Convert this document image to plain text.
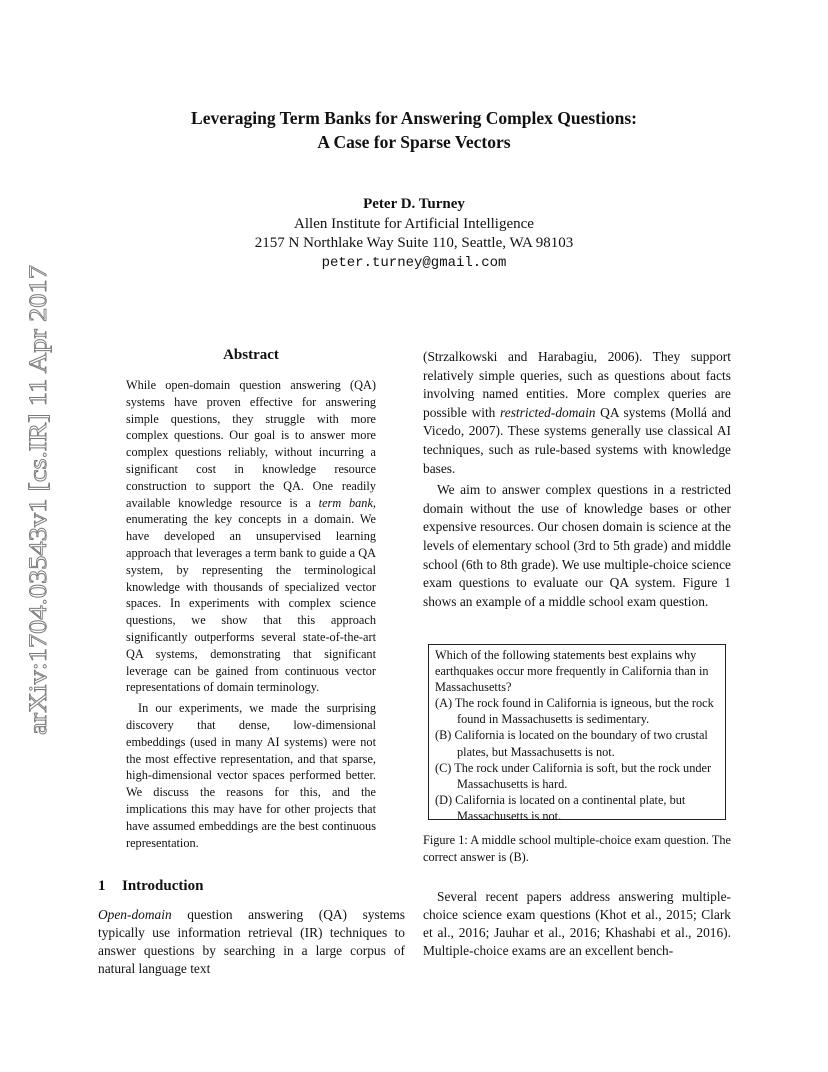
arXiv:1704.03543v1 [cs.IR] 11 Apr 2017
Leveraging Term Banks for Answering Complex Questions:
A Case for Sparse Vectors
Peter D. Turney
Allen Institute for Artificial Intelligence
2157 N Northlake Way Suite 110, Seattle, WA 98103
peter.turney@gmail.com
Abstract

While open-domain question answering (QA) systems have proven effective for answering simple questions, they struggle with more complex questions. Our goal is to answer more complex questions reliably, without incurring a significant cost in knowledge resource construction to support the QA. One readily available knowledge resource is a term bank, enumerating the key concepts in a domain. We have developed an unsupervised learning approach that leverages a term bank to guide a QA system, by representing the terminological knowledge with thousands of specialized vector spaces. In experiments with complex science questions, we show that this approach significantly outperforms several state-of-the-art QA systems, demonstrating that significant leverage can be gained from continuous vector representations of domain terminology.

In our experiments, we made the surprising discovery that dense, low-dimensional embeddings (used in many AI systems) were not the most effective representation, and that sparse, high-dimensional vector spaces performed better. We discuss the reasons for this, and the implications this may have for other projects that have assumed embeddings are the best continuous representation.

1 Introduction
Open-domain question answering (QA) systems typically use information retrieval (IR) techniques to answer questions by searching in a large corpus of natural language text

(Strzalkowski and Harabagiu, 2006). They support relatively simple queries, such as questions about facts involving named entities. More complex queries are possible with restricted-domain QA systems (Mollá and Vicedo, 2007). These systems generally use classical AI techniques, such as rule-based systems with knowledge bases.

We aim to answer complex questions in a restricted domain without the use of knowledge bases or other expensive resources. Our chosen domain is science at the levels of elementary school (3rd to 5th grade) and middle school (6th to 8th grade). We use multiple-choice science exam questions to evaluate our QA system. Figure 1 shows an example of a middle school exam question.

Which of the following statements best explains why earthquakes occur more frequently in California than in Massachusetts?

(A) The rock found in California is igneous, but the rock found in Massachusetts is sedimentary.

(B) California is located on the boundary of two crustal plates, but Massachusetts is not.

(C) The rock under California is soft, but the rock under Massachusetts is hard.

(D) California is located on a continental plate, but Massachusetts is not.

Figure 1: A middle school multiple-choice exam question. The correct answer is (B).

Several recent papers address answering multiple-choice science exam questions (Khot et al., 2015; Clark et al., 2016; Jauhar et al., 2016; Khashabi et al., 2016). Multiple-choice exams are an excellent bench-
